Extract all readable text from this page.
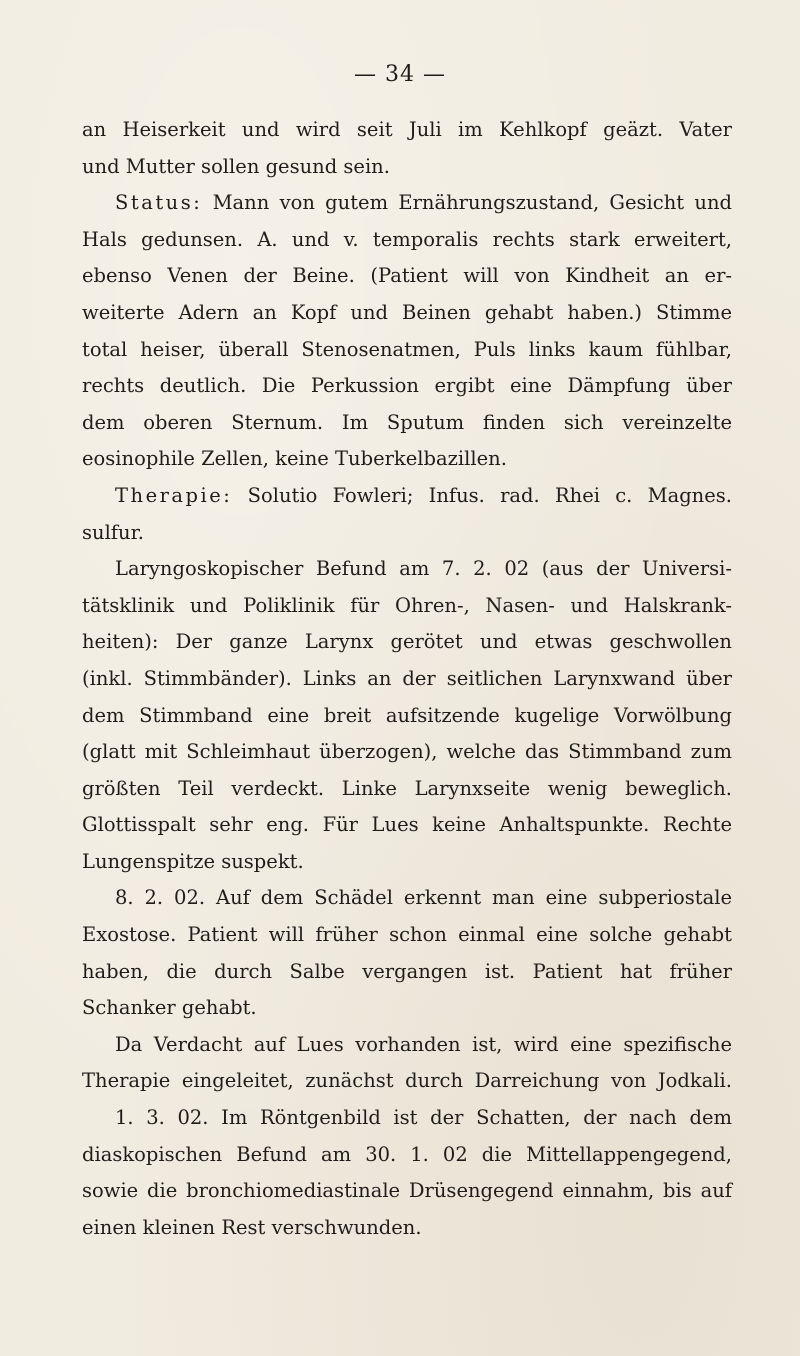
— 34 —
an Heiserkeit und wird seit Juli im Kehlkopf geäzt. Vater
und Mutter sollen gesund sein.
Status: Mann von gutem Ernährungszustand, Gesicht und
Hals gedunsen. A. und v. temporalis rechts stark erweitert,
ebenso Venen der Beine. (Patient will von Kindheit an er-
weiterte Adern an Kopf und Beinen gehabt haben.) Stimme
total heiser, überall Stenosenatmen, Puls links kaum fühlbar,
rechts deutlich. Die Perkussion ergibt eine Dämpfung über
dem oberen Sternum. Im Sputum finden sich vereinzelte
eosinophile Zellen, keine Tuberkelbazillen.
Therapie: Solutio Fowleri; Infus. rad. Rhei c. Magnes.
sulfur.
Laryngoskopischer Befund am 7. 2. 02 (aus der Universi-
tätsklinik und Poliklinik für Ohren-, Nasen- und Halskrank-
heiten): Der ganze Larynx gerötet und etwas geschwollen
(inkl. Stimmbänder). Links an der seitlichen Larynxwand über
dem Stimmband eine breit aufsitzende kugelige Vorwölbung
(glatt mit Schleimhaut überzogen), welche das Stimmband zum
größten Teil verdeckt. Linke Larynxseite wenig beweglich.
Glottisspalt sehr eng. Für Lues keine Anhaltspunkte. Rechte
Lungenspitze suspekt.
8. 2. 02. Auf dem Schädel erkennt man eine subperiostale
Exostose. Patient will früher schon einmal eine solche gehabt
haben, die durch Salbe vergangen ist. Patient hat früher
Schanker gehabt.
Da Verdacht auf Lues vorhanden ist, wird eine spezifische
Therapie eingeleitet, zunächst durch Darreichung von Jodkali.
1. 3. 02. Im Röntgenbild ist der Schatten, der nach dem
diaskopischen Befund am 30. 1. 02 die Mittellappengegend,
sowie die bronchiomediastinale Drüsengegend einnahm, bis auf
einen kleinen Rest verschwunden.
